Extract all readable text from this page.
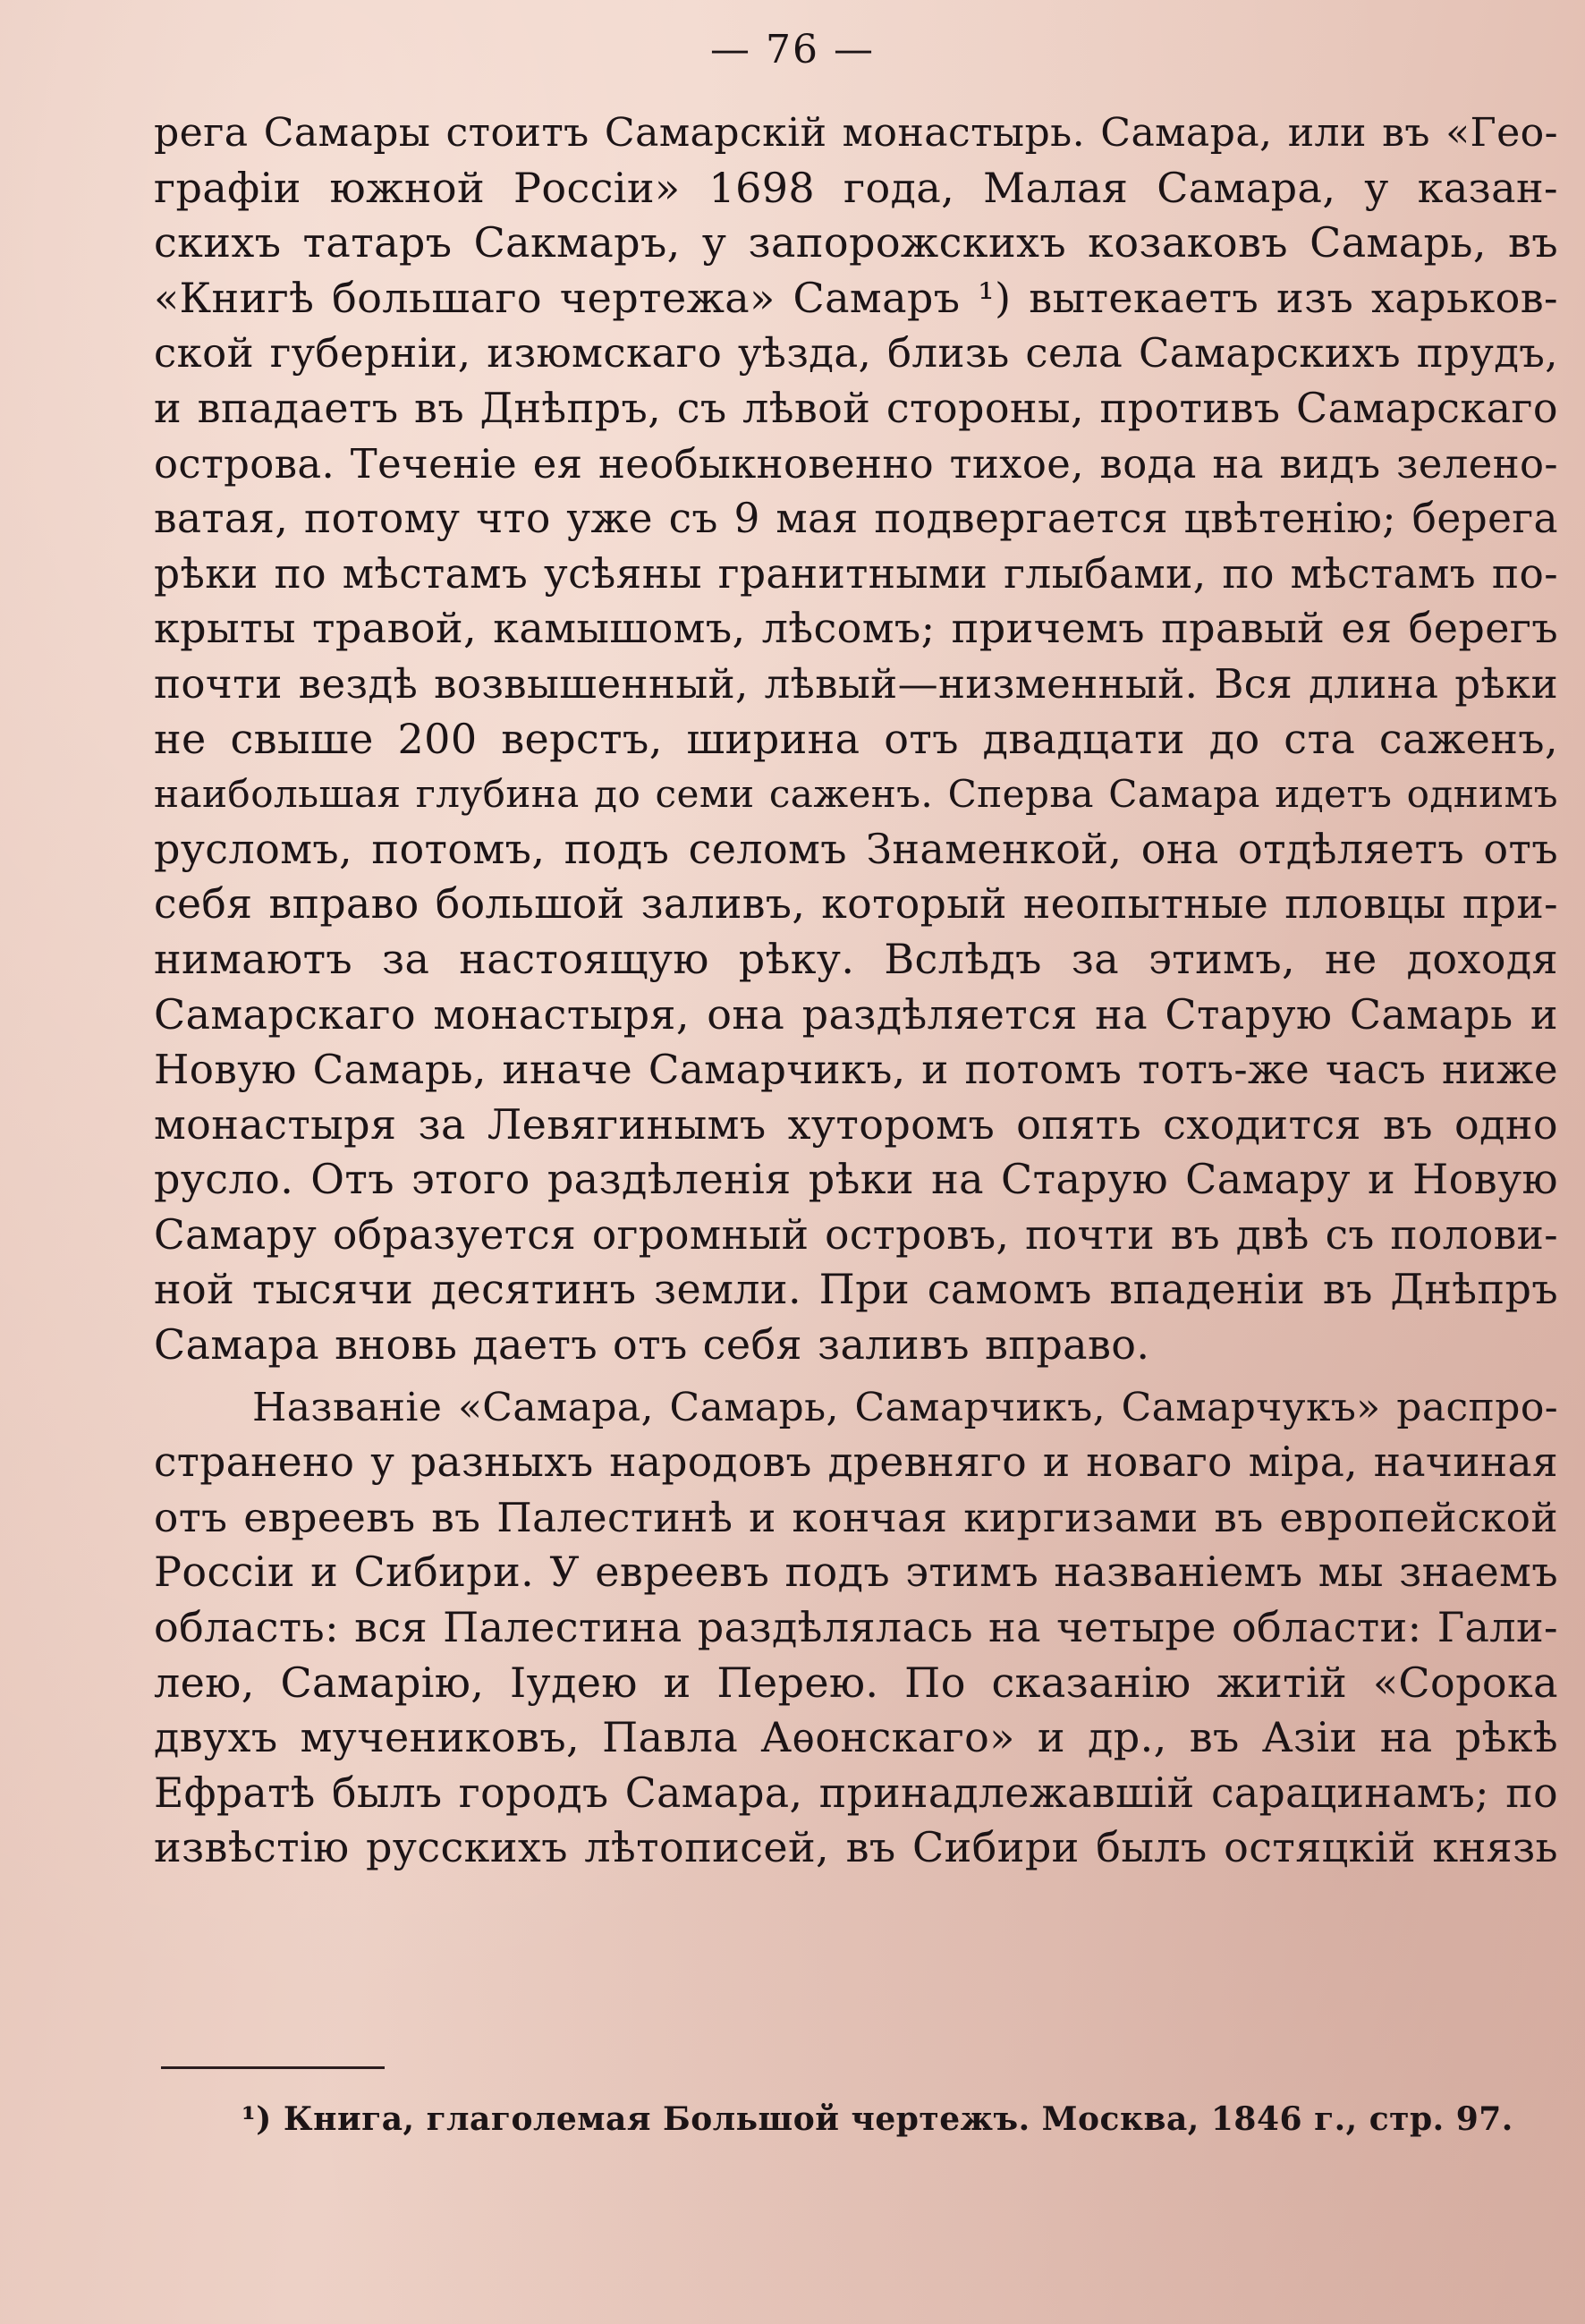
— 76 —
рега Самары стоитъ Самарскій монастырь. Самара, или въ «Гео-
графіи южной Россіи» 1698 года, Малая Самара, у казан-
скихъ татаръ Сакмаръ, у запорожскихъ козаковъ Самарь, въ
«Книгѣ большаго чертежа» Самаръ ¹) вытекаетъ изъ харьков-
ской губерніи, изюмскаго уѣзда, близь села Самарскихъ прудъ,
и впадаетъ въ Днѣпръ, съ лѣвой стороны, противъ Самарскаго
острова. Теченіе ея необыкновенно тихое, вода на видъ зелено-
ватая, потому что уже съ 9 мая подвергается цвѣтенію; берега
рѣки по мѣстамъ усѣяны гранитными глыбами, по мѣстамъ по-
крыты травой, камышомъ, лѣсомъ; причемъ правый ея берегъ
почти вездѣ возвышенный, лѣвый—низменный. Вся длина рѣки
не свыше 200 верстъ, ширина отъ двадцати до ста саженъ,
наибольшая глубина до семи саженъ. Сперва Самара идетъ однимъ
русломъ, потомъ, подъ селомъ Знаменкой, она отдѣляетъ отъ
себя вправо большой заливъ, который неопытные пловцы при-
нимаютъ за настоящую рѣку. Вслѣдъ за этимъ, не доходя
Самарскаго монастыря, она раздѣляется на Старую Самарь и
Новую Самарь, иначе Самарчикъ, и потомъ тотъ-же часъ ниже
монастыря за Левягинымъ хуторомъ опять сходится въ одно
русло. Отъ этого раздѣленія рѣки на Старую Самару и Новую
Самару образуется огромный островъ, почти въ двѣ съ полови-
ной тысячи десятинъ земли. При самомъ впаденіи въ Днѣпръ
Самара вновь даетъ отъ себя заливъ вправо.
Названіе «Самара, Самарь, Самарчикъ, Самарчукъ» распро-
странено у разныхъ народовъ древняго и новаго міра, начиная
отъ евреевъ въ Палестинѣ и кончая киргизами въ европейской
Россіи и Сибири. У евреевъ подъ этимъ названіемъ мы знаемъ
область: вся Палестина раздѣлялась на четыре области: Гали-
лею, Самарію, Іудею и Перею. По сказанію житій «Сорока
двухъ мучениковъ, Павла Аѳонскаго» и др., въ Азіи на рѣкѣ
Ефратѣ былъ городъ Самара, принадлежавшій сарацинамъ; по
извѣстію русскихъ лѣтописей, въ Сибири былъ остяцкій князь
¹) Книга, глаголемая Большой чертежъ. Москва, 1846 г., стр. 97.
